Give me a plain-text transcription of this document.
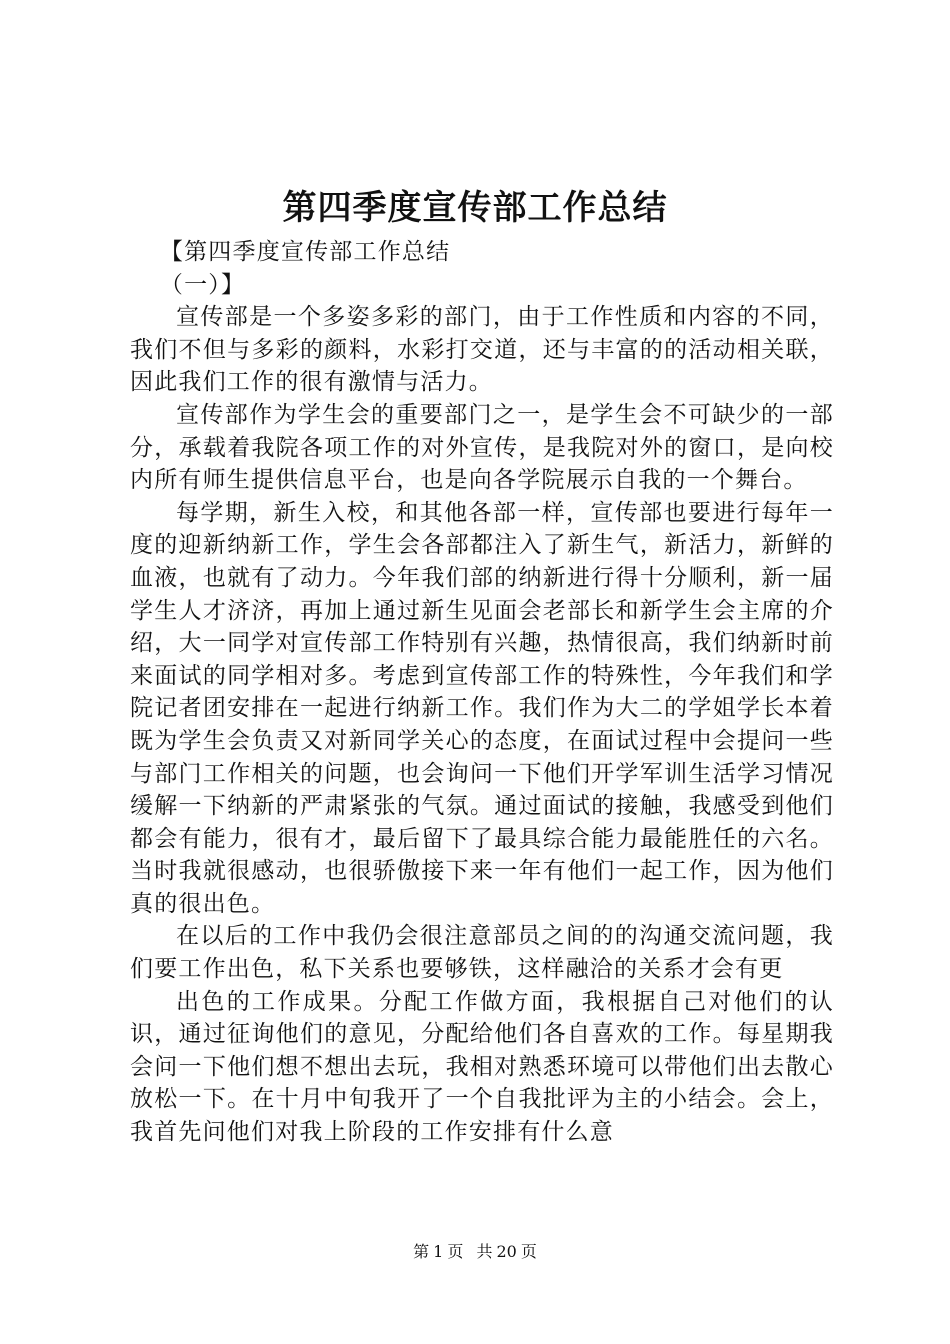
第四季度宣传部工作总结

【第四季度宣传部工作总结

（一）】

宣传部是一个多姿多彩的部门，由于工作性质和内容的不同，我们不但与多彩的颜料，水彩打交道，还与丰富的的活动相关联，因此我们工作的很有激情与活力。

宣传部作为学生会的重要部门之一，是学生会不可缺少的一部分，承载着我院各项工作的对外宣传，是我院对外的窗口，是向校内所有师生提供信息平台，也是向各学院展示自我的一个舞台。

每学期，新生入校，和其他各部一样，宣传部也要进行每年一度的迎新纳新工作，学生会各部都注入了新生气，新活力，新鲜的血液，也就有了动力。今年我们部的纳新进行得十分顺利，新一届学生人才济济，再加上通过新生见面会老部长和新学生会主席的介绍，大一同学对宣传部工作特别有兴趣，热情很高，我们纳新时前来面试的同学相对多。考虑到宣传部工作的特殊性，今年我们和学院记者团安排在一起进行纳新工作。我们作为大二的学姐学长本着既为学生会负责又对新同学关心的态度，在面试过程中会提问一些与部门工作相关的问题，也会询问一下他们开学军训生活学习情况缓解一下纳新的严肃紧张的气氛。通过面试的接触，我感受到他们都会有能力，很有才，最后留下了最具综合能力最能胜任的六名。当时我就很感动，也很骄傲接下来一年有他们一起工作，因为他们真的很出色。

在以后的工作中我仍会很注意部员之间的的沟通交流问题，我们要工作出色，私下关系也要够铁，这样融洽的关系才会有更

出色的工作成果。分配工作做方面，我根据自己对他们的认识，通过征询他们的意见，分配给他们各自喜欢的工作。每星期我会问一下他们想不想出去玩，我相对熟悉环境可以带他们出去散心放松一下。在十月中旬我开了一个自我批评为主的小结会。会上，我首先问他们对我上阶段的工作安排有什么意

第 1 页 共 20 页
